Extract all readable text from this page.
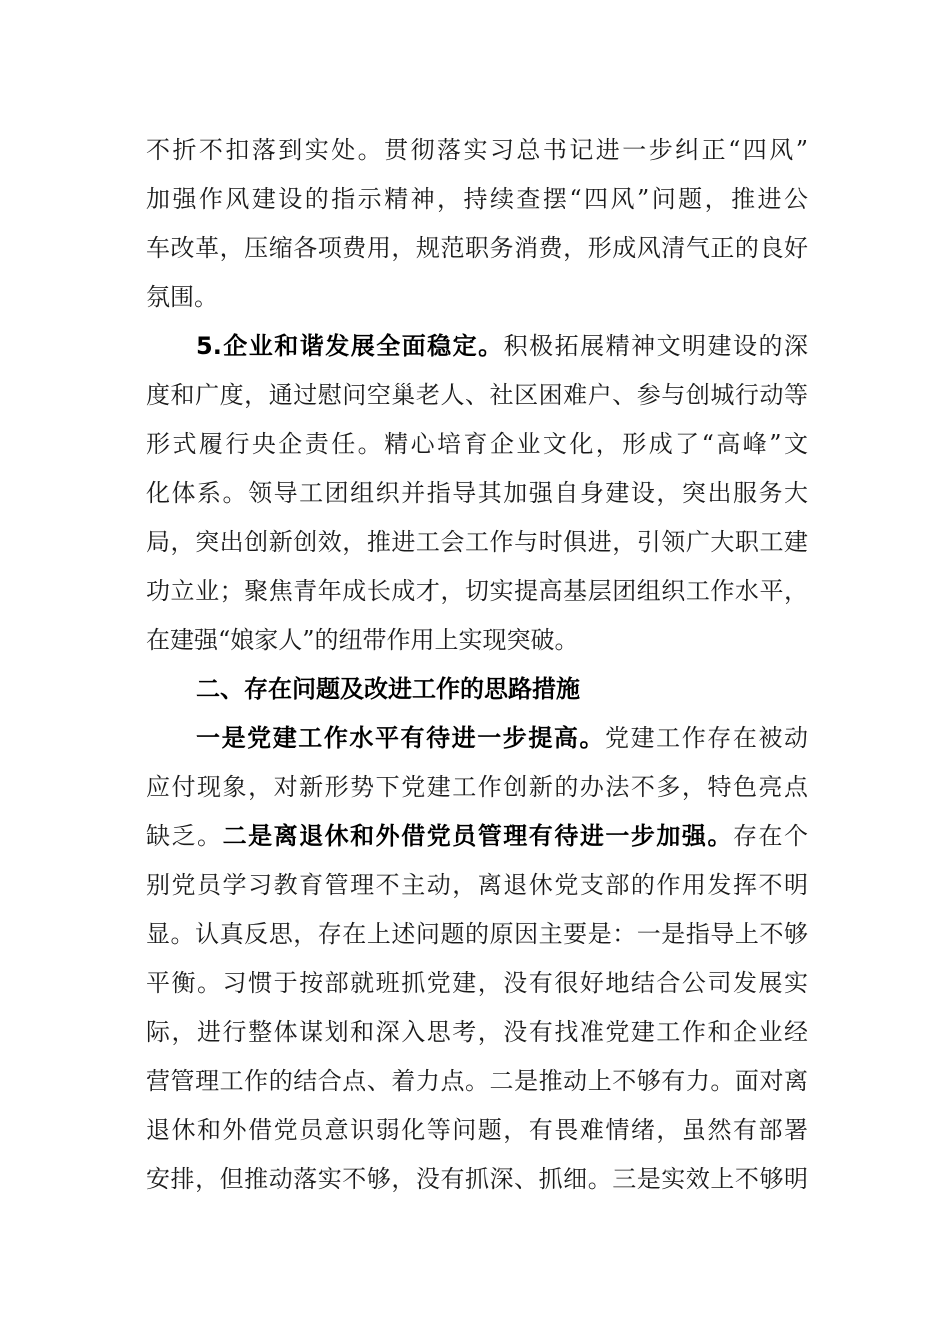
不折不扣落到实处。贯彻落实习总书记进一步纠正“四风”
加强作风建设的指示精神，持续查摆“四风”问题，推进公
车改革，压缩各项费用，规范职务消费，形成风清气正的良好
氛围。
5.企业和谐发展全面稳定。积极拓展精神文明建设的深
度和广度，通过慰问空巢老人、社区困难户、参与创城行动等
形式履行央企责任。精心培育企业文化，形成了“高峰”文
化体系。领导工团组织并指导其加强自身建设，突出服务大
局，突出创新创效，推进工会工作与时俱进，引领广大职工建
功立业；聚焦青年成长成才，切实提高基层团组织工作水平，
在建强“娘家人”的纽带作用上实现突破。
二、存在问题及改进工作的思路措施
一是党建工作水平有待进一步提高。党建工作存在被动
应付现象，对新形势下党建工作创新的办法不多，特色亮点
缺乏。二是离退休和外借党员管理有待进一步加强。存在个
别党员学习教育管理不主动，离退休党支部的作用发挥不明
显。认真反思，存在上述问题的原因主要是：一是指导上不够
平衡。习惯于按部就班抓党建，没有很好地结合公司发展实
际，进行整体谋划和深入思考，没有找准党建工作和企业经
营管理工作的结合点、着力点。二是推动上不够有力。面对离
退休和外借党员意识弱化等问题，有畏难情绪，虽然有部署
安排，但推动落实不够，没有抓深、抓细。三是实效上不够明
